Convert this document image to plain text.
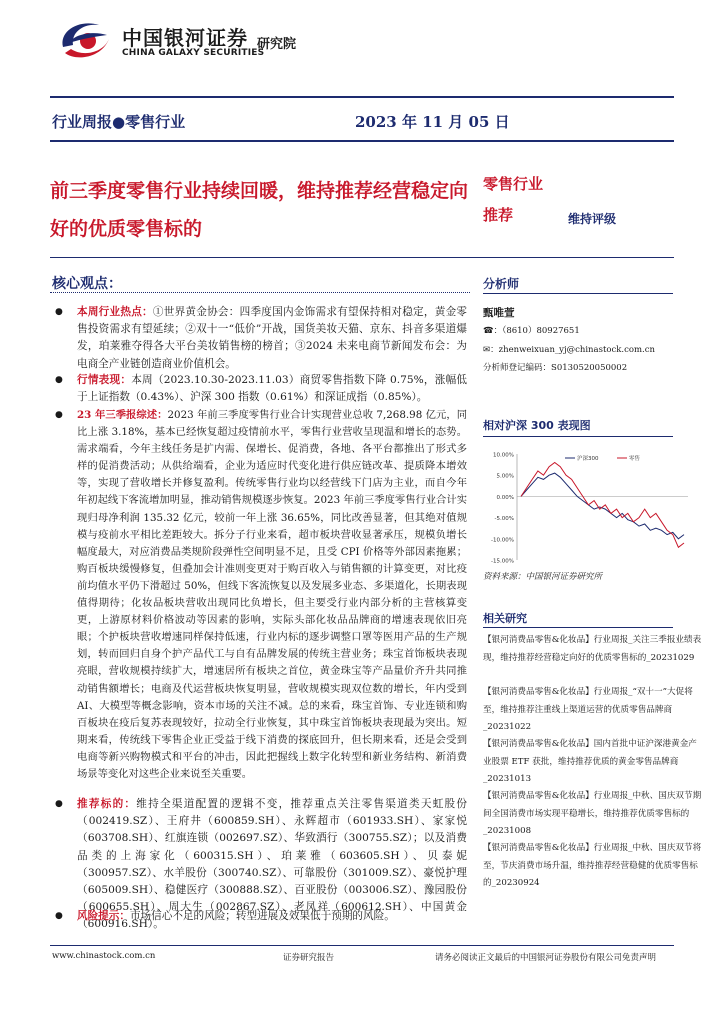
中国银河证券 研究院
CHINA GALAXY SECURITIES
行业周报●零售行业	2023 年 11 月 05 日
前三季度零售行业持续回暖，维持推荐经营稳定向好的优质零售标的
零售行业
推荐	维持评级
核心观点：
●	本周行业热点：①世界黄金协会：四季度国内金饰需求有望保持相对稳定，黄金零售投资需求有望延续；②双十一“低价”开战，国货美妆天猫、京东、抖音多渠道爆发，珀莱雅夺得各大平台美妆销售榜的榜首；③2024 未来电商节新闻发布会：为电商全产业链创造商业价值机会。
●	行情表现：本周（2023.10.30-2023.11.03）商贸零售指数下降 0.75%，涨幅低于上证指数（0.43%）、沪深 300 指数（0.61%）和深证成指（0.85%）。
●	23 年三季报综述：2023 年前三季度零售行业合计实现营业总收 7,268.98 亿元，同比上涨 3.18%，基本已经恢复超过疫情前水平，零售行业营收呈现温和增长的态势。需求端看，今年主线任务是扩内需、保增长、促消费，各地、各平台都推出了形式多样的促消费活动；从供给端看，企业为适应时代变化进行供应链改革、提质降本增效等，实现了营收增长并修复盈利。传统零售行业均以经营线下门店为主业，而自今年年初起线下客流增加明显，推动销售规模逐步恢复。2023 年前三季度零售行业合计实现归母净利润 135.32 亿元，较前一年上涨 36.65%，同比改善显著，但其绝对值规模与疫前水平相比差距较大。拆分子行业来看，超市板块营收显著承压，规模负增长幅度最大，对应消费品类规阶段弹性空间明显不足，且受 CPI 价格等外部因素拖累；购百板块缓慢修复，但叠加会计准则变更对于购百收入与销售额的计算变更，对比疫前均值水平仍下滑超过 50%，但线下客流恢复以及发展多业态、多渠道化，长期表现值得期待；化妆品板块营收出现同比负增长，但主要受行业内部分析的主营核算变更，上游原材料价格波动等因素的影响，实际头部化妆品品牌商的增速表现依旧亮眼；个护板块营收增速同样保持低速，行业内标的逐步调整口罩等医用产品的生产规划，转而回归自身个护产品代工与自有品牌发展的传统主营业务；珠宝首饰板块表现亮眼，营收规模持续扩大，增速居所有板块之首位，黄金珠宝等产品量价齐升共同推动销售额增长；电商及代运营板块恢复明显，营收规模实现双位数的增长，年内受到 AI、大模型等概念影响，资本市场的关注不减。总的来看，珠宝首饰、专业连锁和购百板块在疫后复苏表现较好，拉动全行业恢复，其中珠宝首饰板块表现最为突出。短期来看，传统线下零售企业正受益于线下消费的探底回升，但长期来看，还是会受到电商等新兴购物模式和平台的冲击，因此把握线上数字化转型和新业务结构、新消费场景等变化对这些企业来说至关重要。
●	推荐标的：维持全渠道配置的逻辑不变，推荐重点关注零售渠道类天虹股份（002419.SZ）、王府井（600859.SH）、永辉超市（601933.SH）、家家悦（603708.SH）、红旗连锁（002697.SZ）、华致酒行（300755.SZ）；以及消费品类的上海家化（600315.SH）、珀莱雅（603605.SH）、贝泰妮（300957.SZ）、水羊股份（300740.SZ）、可靠股份（301009.SZ）、豪悦护理（605009.SH）、稳健医疗（300888.SZ）、百亚股份（003006.SZ）、豫园股份（600655.SH）、周大生（002867.SZ）、老凤祥（600612.SH）、中国黄金（600916.SH）。
●	风险提示：市场信心不足的风险；转型进展及效果低于预期的风险。
分析师
甄唯萱
☎：（8610）80927651
✉：zhenweixuan_yj@chinastock.com.cn
分析师登记编码：S0130520050002
相对沪深 300 表现图
10.00%
5.00%
0.00%
-5.00%
-10.00%
-15.00%
沪深300	零售
资料来源：中国银河证券研究所
相关研究
【银河消费品零售&化妆品】行业周报_关注三季报业绩表现，维持推荐经营稳定向好的优质零售标的_20231029
【银河消费品零售&化妆品】行业周报_“双十一”大促将至，维持推荐注重线上渠道运营的优质零售品牌商_20231022
【银河消费品零售&化妆品】国内首批中证沪深港黄金产业股票 ETF 获批，维持推荐优质的黄金零售品牌商_20231013
【银河消费品零售&化妆品】行业周报_中秋、国庆双节期间全国消费市场实现平稳增长，维持推荐优质零售标的_20231008
【银河消费品零售&化妆品】行业周报_中秋、国庆双节将至，节庆消费市场升温，维持推荐经营稳健的优质零售标的_20230924
www.chinastock.com.cn	证券研究报告	请务必阅读正文最后的中国银河证券股份有限公司免责声明
